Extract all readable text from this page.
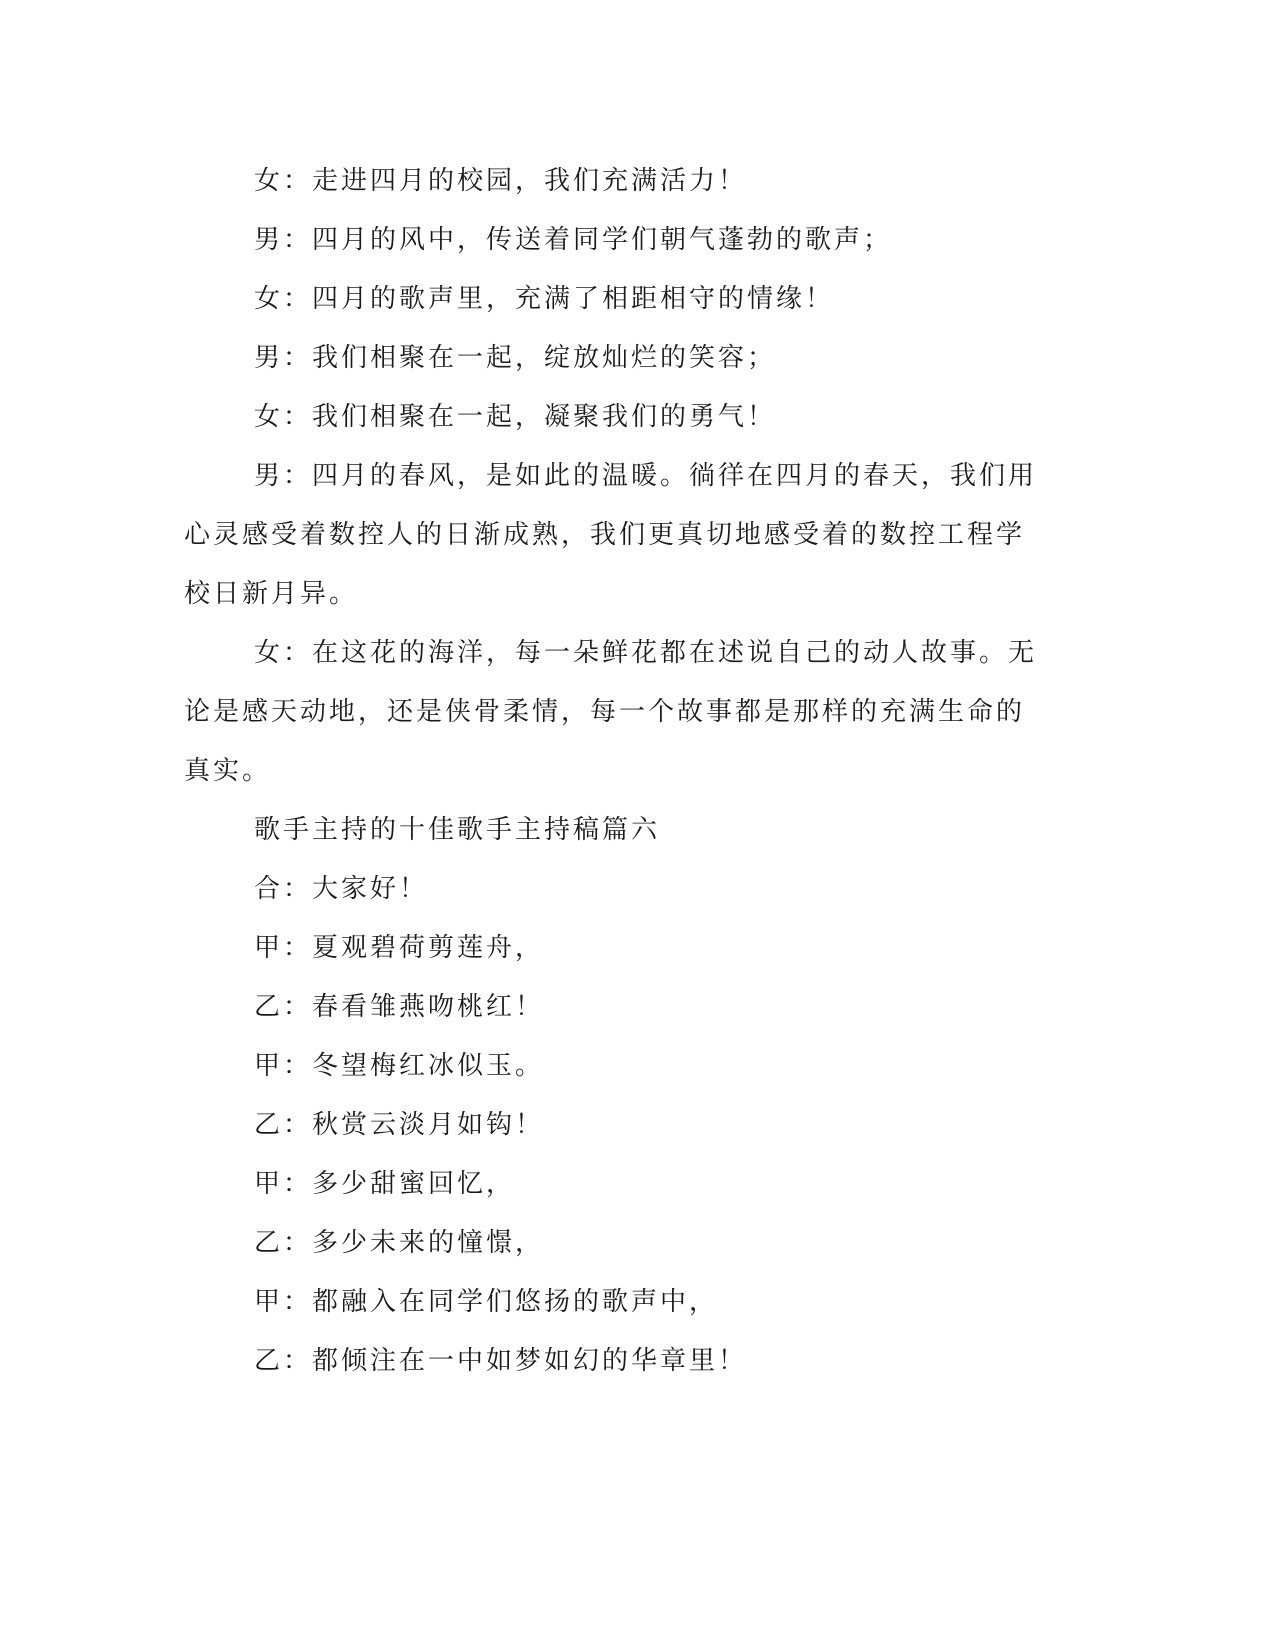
女：走进四月的校园，我们充满活力！

男：四月的风中，传送着同学们朝气蓬勃的歌声；

女：四月的歌声里，充满了相距相守的情缘！

男：我们相聚在一起，绽放灿烂的笑容；

女：我们相聚在一起，凝聚我们的勇气！

男：四月的春风，是如此的温暖。徜徉在四月的春天，我们用心灵感受着数控人的日渐成熟，我们更真切地感受着的数控工程学校日新月异。

女：在这花的海洋，每一朵鲜花都在述说自己的动人故事。无论是感天动地，还是侠骨柔情，每一个故事都是那样的充满生命的真实。

歌手主持的十佳歌手主持稿篇六

合：大家好！

甲：夏观碧荷剪莲舟，

乙：春看雏燕吻桃红！

甲：冬望梅红冰似玉。

乙：秋赏云淡月如钩！

甲：多少甜蜜回忆，

乙：多少未来的憧憬，

甲：都融入在同学们悠扬的歌声中，

乙：都倾注在一中如梦如幻的华章里！
